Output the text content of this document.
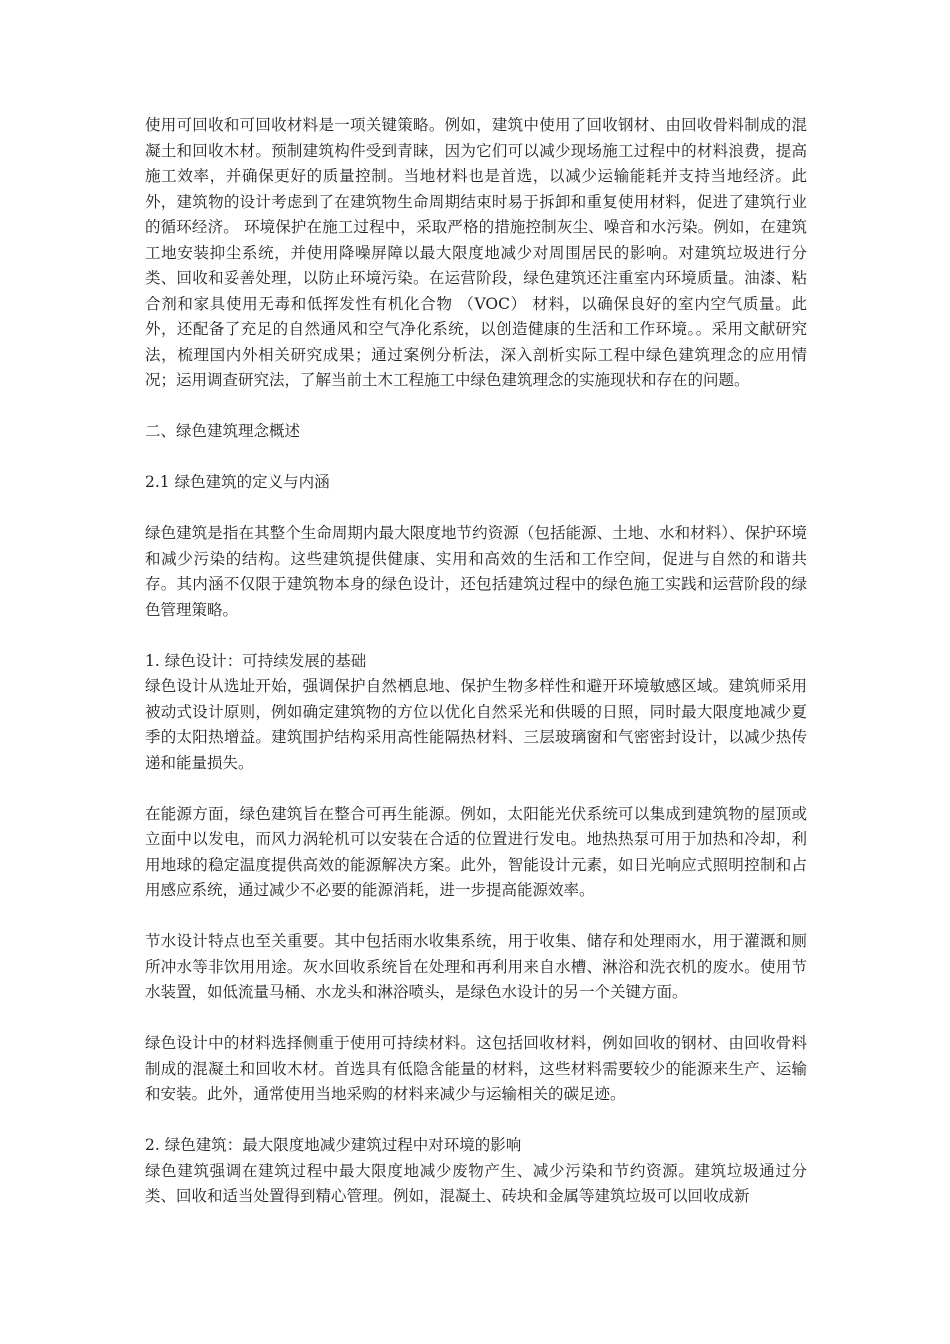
使用可回收和可回收材料是一项关键策略。例如，建筑中使用了回收钢材、由回收骨料制成的混凝土和回收木材。预制建筑构件受到青睐，因为它们可以减少现场施工过程中的材料浪费，提高施工效率，并确保更好的质量控制。当地材料也是首选，以减少运输能耗并支持当地经济。此外，建筑物的设计考虑到了在建筑物生命周期结束时易于拆卸和重复使用材料，促进了建筑行业的循环经济。 环境保护在施工过程中，采取严格的措施控制灰尘、噪音和水污染。例如，在建筑工地安装抑尘系统，并使用降噪屏障以最大限度地减少对周围居民的影响。对建筑垃圾进行分类、回收和妥善处理，以防止环境污染。在运营阶段，绿色建筑还注重室内环境质量。油漆、粘合剂和家具使用无毒和低挥发性有机化合物 （VOC） 材料，以确保良好的室内空气质量。此外，还配备了充足的自然通风和空气净化系统，以创造健康的生活和工作环境。。采用文献研究法，梳理国内外相关研究成果；通过案例分析法，深入剖析实际工程中绿色建筑理念的应用情况；运用调查研究法，了解当前土木工程施工中绿色建筑理念的实施现状和存在的问题。

二、绿色建筑理念概述

2.1 绿色建筑的定义与内涵

绿色建筑是指在其整个生命周期内最大限度地节约资源（包括能源、土地、水和材料）、保护环境和减少污染的结构。这些建筑提供健康、实用和高效的生活和工作空间，促进与自然的和谐共存。其内涵不仅限于建筑物本身的绿色设计，还包括建筑过程中的绿色施工实践和运营阶段的绿色管理策略。

1. 绿色设计：可持续发展的基础

绿色设计从选址开始，强调保护自然栖息地、保护生物多样性和避开环境敏感区域。建筑师采用被动式设计原则，例如确定建筑物的方位以优化自然采光和供暖的日照，同时最大限度地减少夏季的太阳热增益。建筑围护结构采用高性能隔热材料、三层玻璃窗和气密密封设计，以减少热传递和能量损失。

在能源方面，绿色建筑旨在整合可再生能源。例如，太阳能光伏系统可以集成到建筑物的屋顶或立面中以发电，而风力涡轮机可以安装在合适的位置进行发电。地热热泵可用于加热和冷却，利用地球的稳定温度提供高效的能源解决方案。此外，智能设计元素，如日光响应式照明控制和占用感应系统，通过减少不必要的能源消耗，进一步提高能源效率。

节水设计特点也至关重要。其中包括雨水收集系统，用于收集、储存和处理雨水，用于灌溉和厕所冲水等非饮用用途。灰水回收系统旨在处理和再利用来自水槽、淋浴和洗衣机的废水。使用节水装置，如低流量马桶、水龙头和淋浴喷头，是绿色水设计的另一个关键方面。

绿色设计中的材料选择侧重于使用可持续材料。这包括回收材料，例如回收的钢材、由回收骨料制成的混凝土和回收木材。首选具有低隐含能量的材料，这些材料需要较少的能源来生产、运输和安装。此外，通常使用当地采购的材料来减少与运输相关的碳足迹。

2. 绿色建筑：最大限度地减少建筑过程中对环境的影响

绿色建筑强调在建筑过程中最大限度地减少废物产生、减少污染和节约资源。建筑垃圾通过分类、回收和适当处置得到精心管理。例如，混凝土、砖块和金属等建筑垃圾可以回收成新
